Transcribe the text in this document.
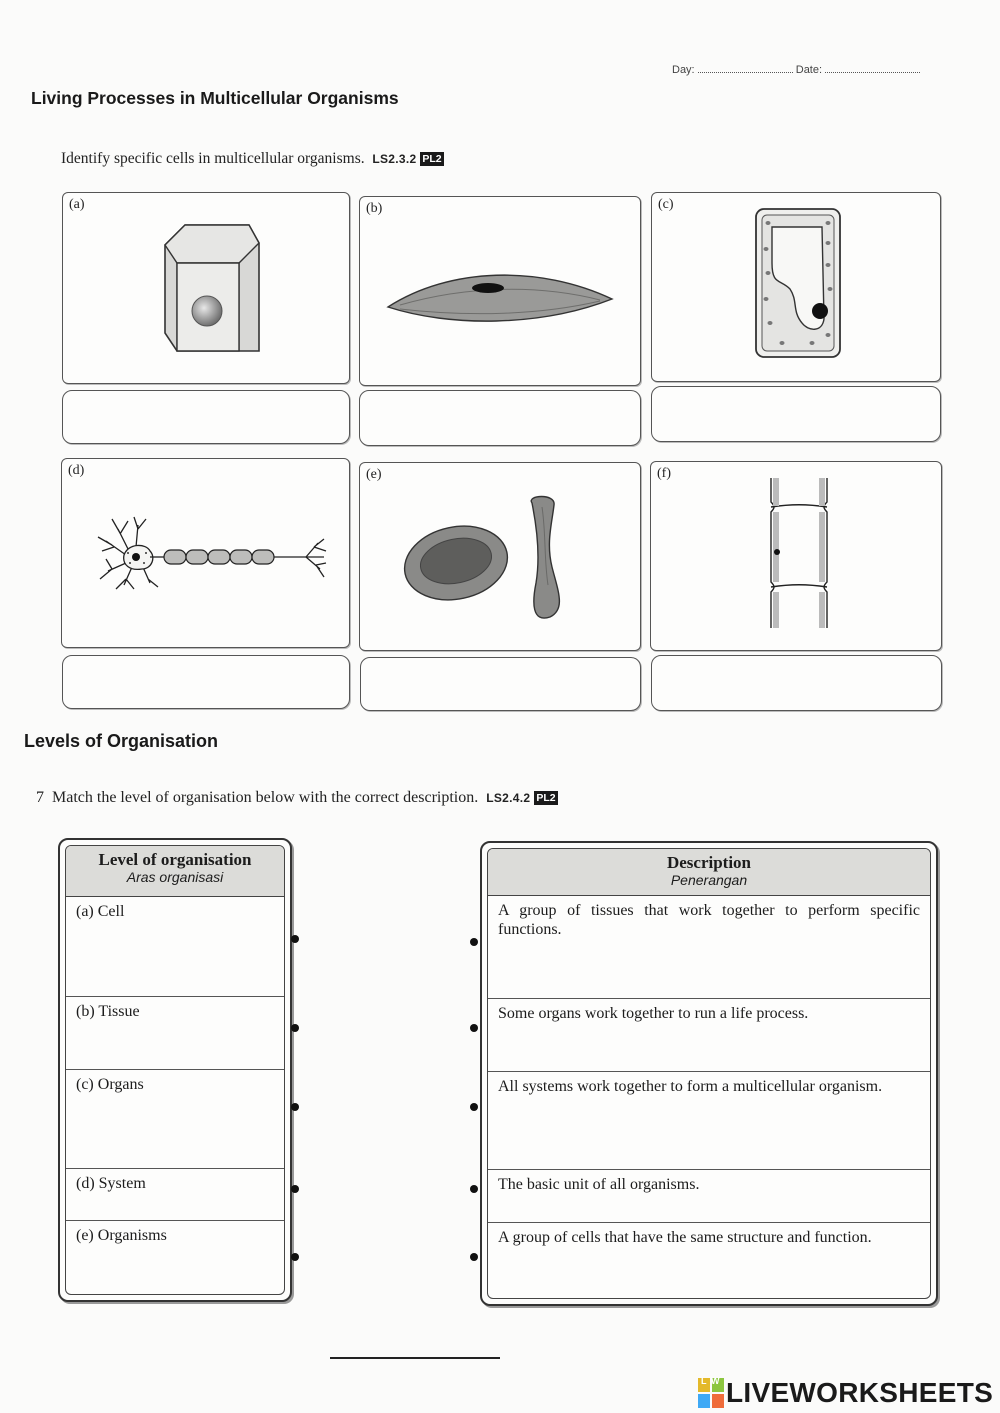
Day:	Date:
Living Processes in Multicellular Organisms
Identify specific cells in multicellular organisms. LS2.3.2 PL2
(a)	(b)	(c)
(d)	(e)	(f)
Levels of Organisation
7 Match the level of organisation below with the correct description. LS2.4.2 PL2
Level of organisation
Aras organisasi
(a) Cell
(b) Tissue
(c) Organs
(d) System
(e) Organisms
Description
Penerangan
A group of tissues that work together to perform specific functions.
Some organs work together to run a life process.
All systems work together to form a multicellular organism.
The basic unit of all organisms.
A group of cells that have the same structure and function.
LW LIVEWORKSHEETS
